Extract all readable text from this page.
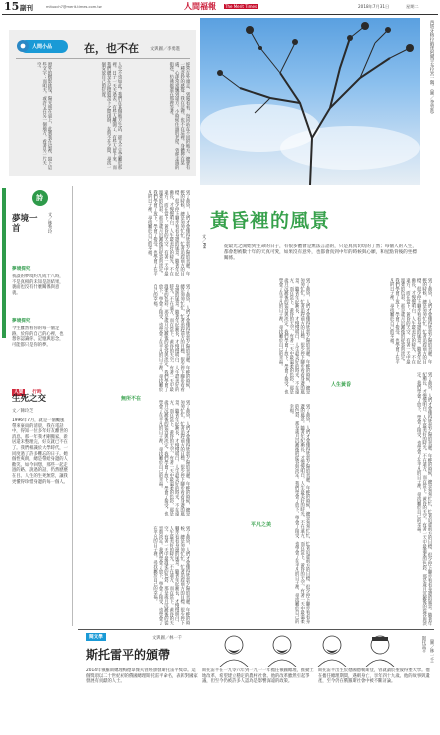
15 副刊	mituoch7@merit-times.com.tw	人間福報 The Merit Times	2018年7月31日	星期二
人間小品	在，也不在	文與圖／李勇進
窗外的樹影搖曳，陽光照在桌上，此刻我在這裡，寫下這些文字；而明天，或許又在另一個地方，看著另一片天空。	人生不也如此？我們在某個地方生活，卻又不完全屬於那裡。日子一天天過去，有些人離開了，有些人留下來，而我們總是在記憶與當下之間徘徊，在與不在之間，尋找一個安放自己的位置。	經常在外頭走，到處看看，每回站在不同的地方，總會有一種奇妙的感覺：我在這裡，也不在這裡。身體停在某處，心卻常常飄到遠方。小時候住過的老屋、曾經走過的街巷，彷彿都還在那裡等著。	西班牙格拉納達阿爾罕布拉宮一隅。（圖／李勇進）
詩
夢境一首	文／林秀玲
夢境探究
我談的夢境約九成十八時，不是真相的未知是語結果，裏面也沒有什麼關係與意義。
夢境探究
今生雖然看你的每一個足跡，於你的自己的心裡，也想你認識你，記憶與思念，可能都只是你的夢。
人間 行時
生死之交
文／陳玲芝
1996年7月，就是一個颱風帶來豪雨的清晨，我在電話中，得知一位多年好友離世的消息。那一年我才剛搬家，新居還未整理完，好友就已不在了。我們相識於大學時代，一同度過了許多難忘的日子。她個性爽朗，總是帶給身邊的人歡笑。如今回想，那些一起走過的路、說過的話，仍然歷歷在目。人生的生死無常，讓我更懂得珍惜身邊的每一個人。
黃昏裡的風景
文／PH	從最光之開始到生命的日子，有很多體會是無法言語的，只是真真切切的了然；每個人的人生，都會想被數十年的天真可愛，如果沒有意外，也都會真到中年的時候與心願，和星點背後的坐標關係。
到了黃昏，人們才會懂得欣賞夕陽的美麗。年輕的時候，總是匆匆忙忙，忙著追趕前方的目標，很少停下腳步看看身邊的風景。隨著年紀漸長，才慢慢明白，人生最美好的時光，不在遠方，而在當下。黃昏的天空，有著一天中最溫柔的色彩，那是歲月沉澱後的從容與淡定。我們學會了放下，學會了接受，也學會了在平凡的日子裡，尋找屬於自己的幸福。
到了黃昏，人們才會懂得欣賞夕陽的美麗。年輕的時候，總是匆匆忙忙，忙著追趕前方的目標，很少停下腳步看看身邊的風景。隨著年紀漸長，才慢慢明白，人生最美好的時光，不在遠方，而在當下。黃昏的天空，有著一天中最溫柔的色彩，那是歲月沉澱後的從容與淡定。我們學會了放下，學會了接受，也學會了在平凡的日子裡，尋找屬於自己的幸福。
到了黃昏，人們才會懂得欣賞夕陽的美麗。年輕的時候，總是匆匆忙忙，忙著追趕前方的目標，很少停下腳步看看身邊的風景。隨著年紀漸長，才慢慢明白，人生最美好的時光，不在遠方，而在當下。黃昏的天空，有著一天中最溫柔的色彩，那是歲月沉澱後的從容與淡定。我們學會了放下，學會了接受，也學會了在平凡的日子裡，尋找屬於自己的幸福。
到了黃昏，人們才會懂得欣賞夕陽的美麗。年輕的時候，總是匆匆忙忙，忙著追趕前方的目標，很少停下腳步看看身邊的風景。隨著年紀漸長，才慢慢明白，人生最美好的時光，不在遠方，而在當下。黃昏的天空，有著一天中最溫柔的色彩，那是歲月沉澱後的從容與淡定。我們學會了放下，學會了接受，也學會了在平凡的日子裡，尋找屬於自己的幸福。
到了黃昏，人們才會懂得欣賞夕陽的美麗。年輕的時候，總是匆匆忙忙，忙著追趕前方的目標，很少停下腳步看看身邊的風景。隨著年紀漸長，才慢慢明白，人生最美好的時光，不在遠方，而在當下。黃昏的天空，有著一天中最溫柔的色彩，那是歲月沉澱後的從容與淡定。我們學會了放下，學會了接受，也學會了在平凡的日子裡，尋找屬於自己的幸福。
到了黃昏，人們才會懂得欣賞夕陽的美麗。年輕的時候，總是匆匆忙忙，忙著追趕前方的目標，很少停下腳步看看身邊的風景。隨著年紀漸長，才慢慢明白，人生最美好的時光，不在遠方，而在當下。黃昏的天空，有著一天中最溫柔的色彩，那是歲月沉澱後的從容與淡定。我們學會了放下，學會了接受，也學會了在平凡的日子裡，尋找屬於自己的幸福。
到了黃昏，人們才會懂得欣賞夕陽的美麗。年輕的時候，總是匆匆忙忙，忙著追趕前方的目標，很少停下腳步看看身邊的風景。隨著年紀漸長，才慢慢明白，人生最美好的時光，不在遠方，而在當下。黃昏的天空，有著一天中最溫柔的色彩，那是歲月沉澱後的從容與淡定。我們學會了放下，學會了接受，也學會了在平凡的日子裡，尋找屬於自己的幸福。
到了黃昏，人們才會懂得欣賞夕陽的美麗。年輕的時候，總是匆匆忙忙，忙著追趕前方的目標，很少停下腳步看看身邊的風景。隨著年紀漸長，才慢慢明白，人生最美好的時光，不在遠方，而在當下。黃昏的天空，有著一天中最溫柔的色彩，那是歲月沉澱後的從容與淡定。我們學會了放下，學會了接受，也學會了在平凡的日子裡，尋找屬於自己的幸福。
人生黃昏
無所不在
平凡之美
閱文學	文與圖／林一千
斯托雷平的頒帶
斯托雷平 （圖／林一千）
2014年俄羅斯總理梅德韋傑夫曾經頒發斯托雷平獎章。這個獎項以二十世紀初的俄國總理斯托雷平命名，表彰對國家發展有貢獻的人士。
斯托雷平在一九零六年到一九一一年擔任俄國總理，推動土地改革，希望建立穩定的農村社會。他的改革雖然引起爭議，但至今仍被許多人認為是影響深遠的政策。
斯托雷平出生於德國德勒斯登，曾就讀於聖彼得堡大學。他在擔任總理期間，遇刺身亡，享年四十九歲。他的故事與遺產，至今仍在俄羅斯社會中被不斷討論。
